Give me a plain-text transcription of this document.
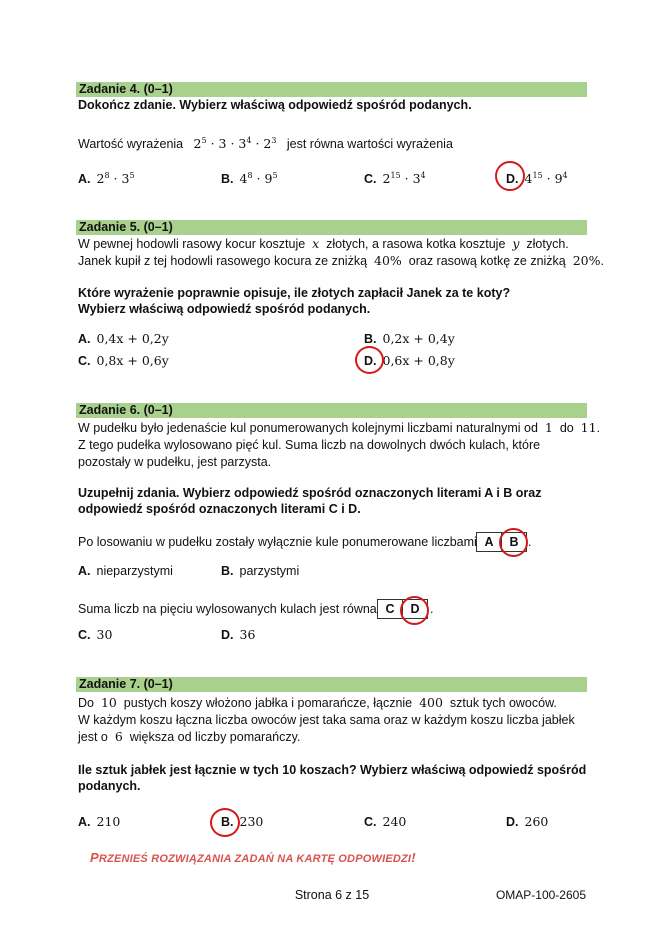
Zadanie 4. (0–1)
Dokończ zdanie. Wybierz właściwą odpowiedź spośród podanych.
Wartość wyrażenia $2^5 \cdot 3 \cdot 3^4 \cdot 2^3$ jest równa wartości wyrażenia
A. $2^8 \cdot 3^5$	B. $4^8 \cdot 9^5$	C. $2^{15} \cdot 3^4$	D. $4^{15} \cdot 9^4$
Zadanie 5. (0–1)
W pewnej hodowli rasowy kocur kosztuje x złotych, a rasowa kotka kosztuje y złotych.
Janek kupił z tej hodowli rasowego kocura ze zniżką 40% oraz rasową kotkę ze zniżką 20%.
Które wyrażenie poprawnie opisuje, ile złotych zapłacił Janek za te koty?
Wybierz właściwą odpowiedź spośród podanych.
A. 0,4x + 0,2y	B. 0,2x + 0,4y
C. 0,8x + 0,6y	D. 0,6x + 0,8y
Zadanie 6. (0–1)
W pudełku było jedenaście kul ponumerowanych kolejnymi liczbami naturalnymi od 1 do 11.
Z tego pudełka wylosowano pięć kul. Suma liczb na dowolnych dwóch kulach, które
pozostały w pudełku, jest parzysta.
Uzupełnij zdania. Wybierz odpowiedź spośród oznaczonych literami A i B oraz
odpowiedź spośród oznaczonych literami C i D.
Po losowaniu w pudełku zostały wyłącznie kule ponumerowane liczbami A	B .
A. nieparzystymi	B. parzystymi
Suma liczb na pięciu wylosowanych kulach jest równa C	D .
C. 30	D. 36
Zadanie 7. (0–1)
Do 10 pustych koszy włożono jabłka i pomarańcze, łącznie 400 sztuk tych owoców.
W każdym koszu łączna liczba owoców jest taka sama oraz w każdym koszu liczba jabłek
jest o 6 większa od liczby pomarańczy.
Ile sztuk jabłek jest łącznie w tych 10 koszach? Wybierz właściwą odpowiedź spośród
podanych.
A. 210	B. 230	C. 240	D. 260
PRZENIEŚ ROZWIĄZANIA ZADAŃ NA KARTĘ ODPOWIEDZI!
Strona 6 z 15	OMAP-100-2605
